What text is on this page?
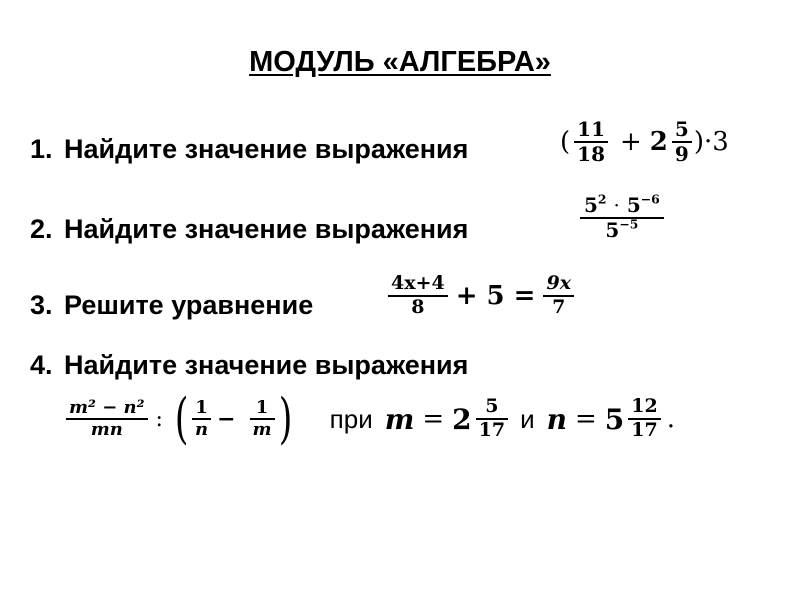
МОДУЛЬ «АЛГЕБРА»
1. Найдите значение выражения	( $\frac{11}{18} + 2 \frac{5}{9} )\cdot 3$
2. Найдите значение выражения	$\frac{5^2 \cdot 5^{-6}}{5^{-5}}$
3. Решите уравнение	$\frac{4x+4}{8} + 5 = \frac{9x}{7}$
4. Найдите значение выражения
$\frac{\text{m² − n²}}{mn}$ : ( $\frac{1}{n} - \frac{1}{m}$ ) при $m = 2 \frac{5}{17}$ и $n = 5 \frac{12}{17}$ .
